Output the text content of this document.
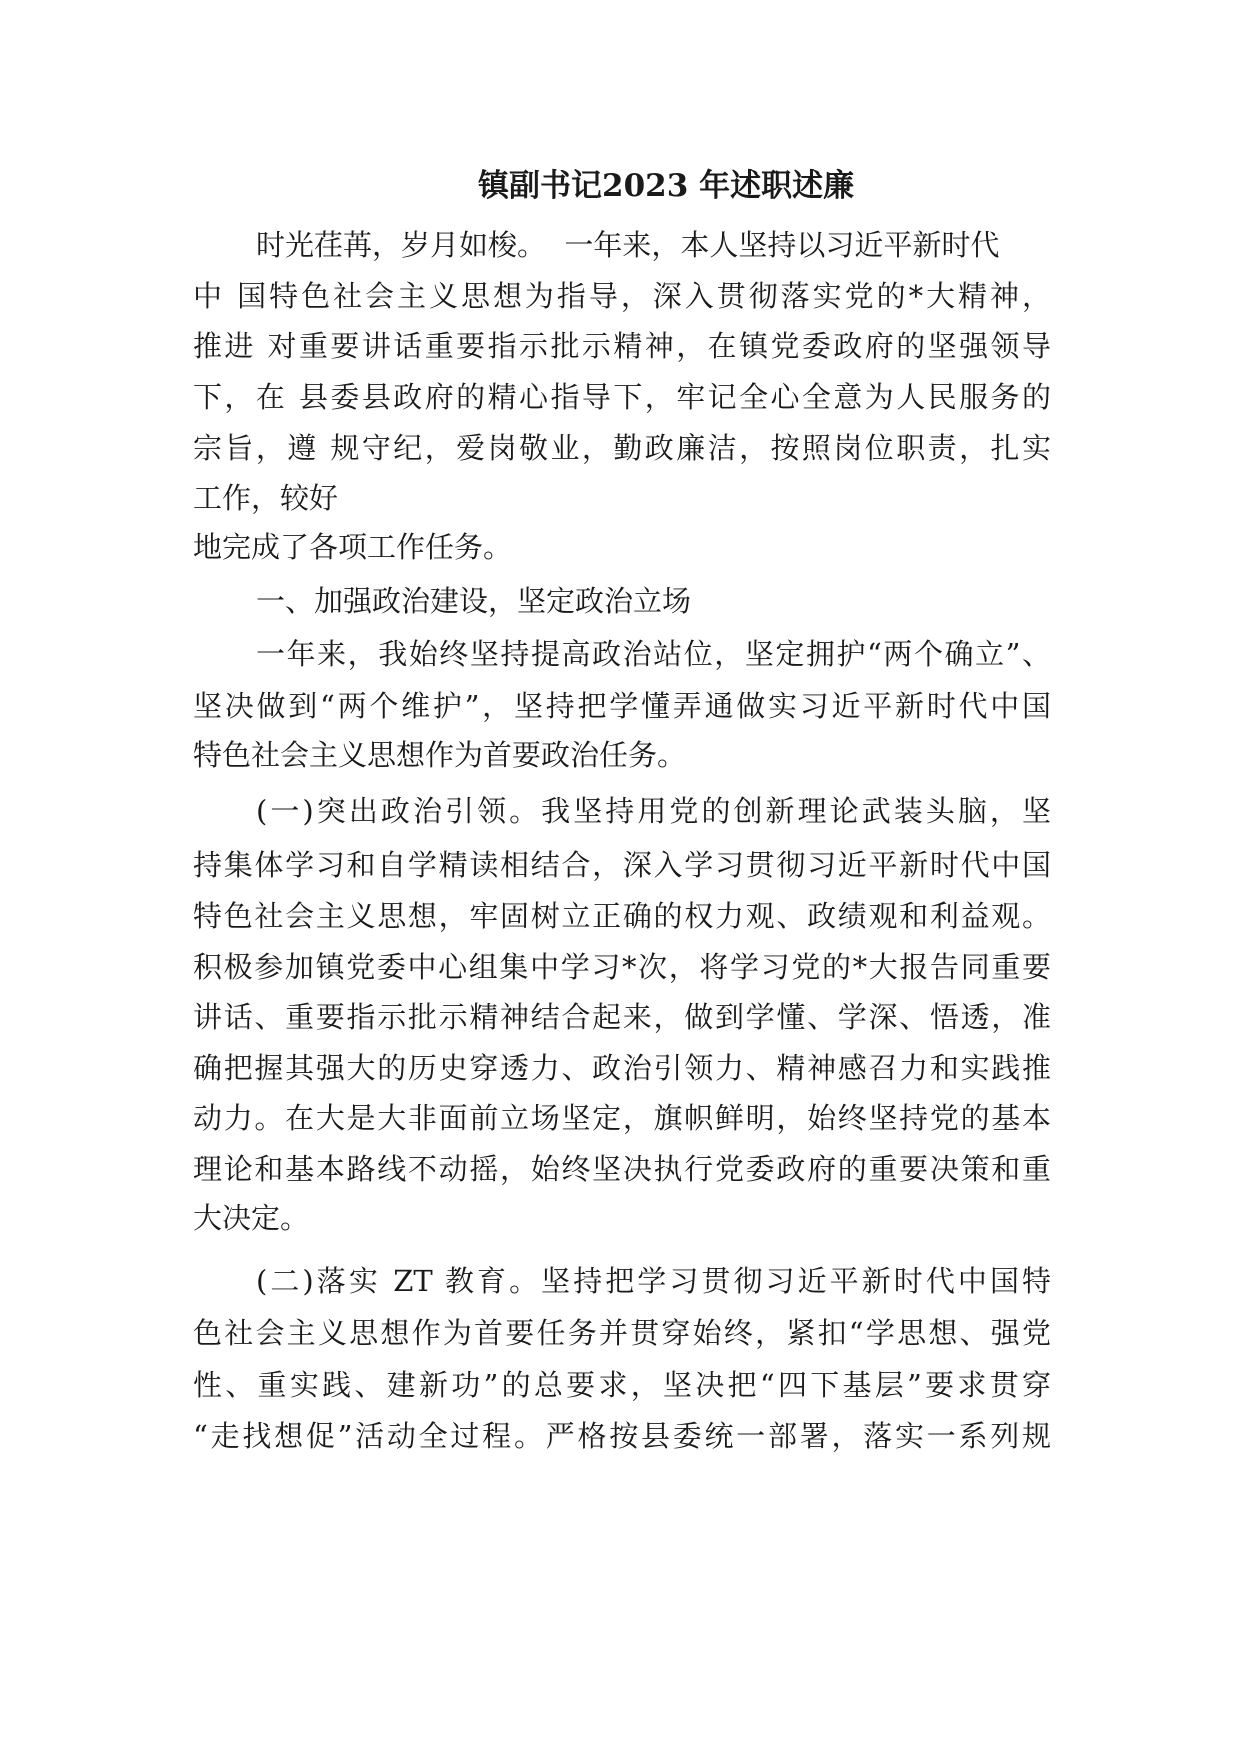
镇副书记2023 年述职述廉
时光荏苒，岁月如梭。  一年来，本人坚持以习近平新时代
中 国特色社会主义思想为指导，深入贯彻落实党的*大精神，
推进 对重要讲话重要指示批示精神，在镇党委政府的坚强领导
下，在 县委县政府的精心指导下，牢记全心全意为人民服务的
宗旨，遵 规守纪，爱岗敬业，勤政廉洁，按照岗位职责，扎实
工作，较好
地完成了各项工作任务。
一、加强政治建设，坚定政治立场
一年来，我始终坚持提高政治站位，坚定拥护“两个确立”、
坚决做到“两个维护”，坚持把学懂弄通做实习近平新时代中国
特色社会主义思想作为首要政治任务。
(一)突出政治引领。我坚持用党的创新理论武装头脑，坚
持集体学习和自学精读相结合，深入学习贯彻习近平新时代中国
特色社会主义思想，牢固树立正确的权力观、政绩观和利益观。
积极参加镇党委中心组集中学习*次，将学习党的*大报告同重要
讲话、重要指示批示精神结合起来，做到学懂、学深、悟透，准
确把握其强大的历史穿透力、政治引领力、精神感召力和实践推
动力。在大是大非面前立场坚定，旗帜鲜明，始终坚持党的基本
理论和基本路线不动摇，始终坚决执行党委政府的重要决策和重
大决定。
(二)落实 ZT 教育。坚持把学习贯彻习近平新时代中国特
色社会主义思想作为首要任务并贯穿始终，紧扣“学思想、强党
性、重实践、建新功”的总要求，坚决把“四下基层”要求贯穿
“走找想促”活动全过程。严格按县委统一部署，落实一系列规
